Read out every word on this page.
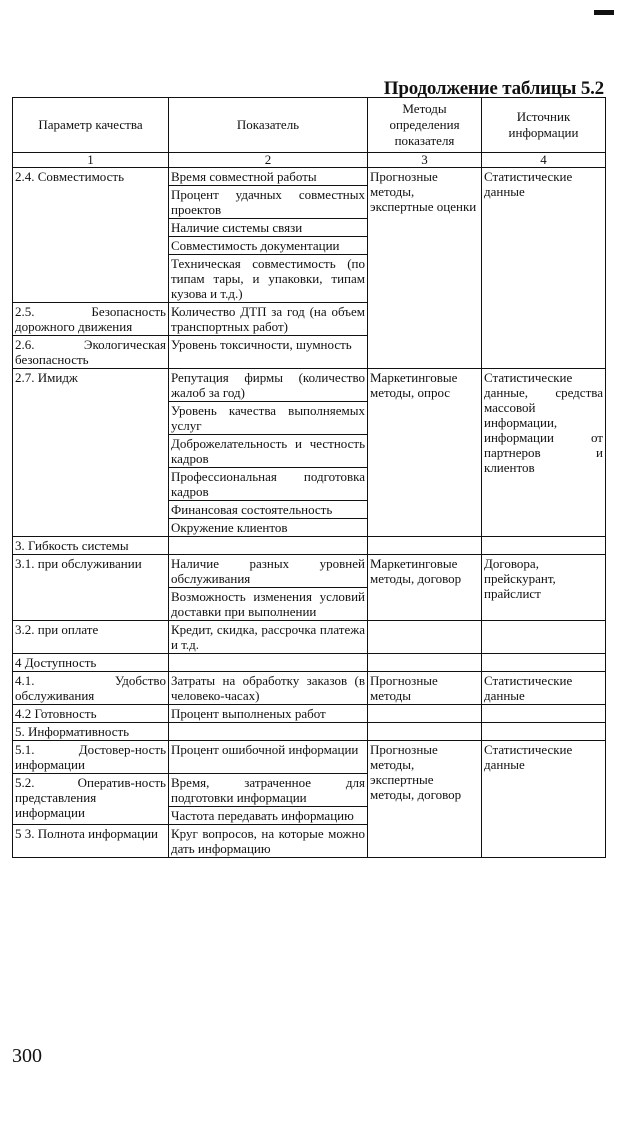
Продолжение таблицы 5.2
Параметр качества	Показатель	Методы определения показателя	Источник информации
1	2	3	4
2.4. Совместимость	Время совместной работы	Прогнозные методы, экспертные оценки	Статистические данные
	Процент удачных совместных проектов		
	Наличие системы связи		
	Совместимость документации		
	Техническая совместимость (по типам тары, и упаковки, типам кузова и т.д.)		
2.5. Безопасность дорожного движения	Количество ДТП за год (на объем транспортных работ)		
2.6. Экологическая безопасность	Уровень токсичности, шумность		
2.7. Имидж	Репутация фирмы (количество жалоб за год)	Маркетинговые методы, опрос	Статистические данные, средства массовой информации, информации от партнеров и клиентов
	Уровень качества выполняемых услуг		
	Доброжелательность и честность кадров		
	Профессиональная подготовка кадров		
	Финансовая состоятельность		
	Окружение клиентов		
3. Гибкость системы			
3.1. при обслуживании	Наличие разных уровней обслуживания	Маркетинговые методы, договор	Договора, прейскурант, прайслист
	Возможность изменения условий доставки при выполнении		
3.2. при оплате	Кредит, скидка, рассрочка платежа и т.д.		
4 Доступность			
4.1. Удобство обслуживания	Затраты на обработку заказов (в человеко-часах)	Прогнозные методы	Статистические данные
4.2 Готовность	Процент выполненых работ		
5. Информативность			
5.1. Достовер-ность информации	Процент ошибочной информации	Прогнозные методы, экспертные методы, договор	Статистические данные
5.2. Оператив-ность представления информации	Время, затраченное для подготовки информации		
	Частота передавать информацию		
5 3. Полнота информации	Круг вопросов, на которые можно дать информацию		
300
